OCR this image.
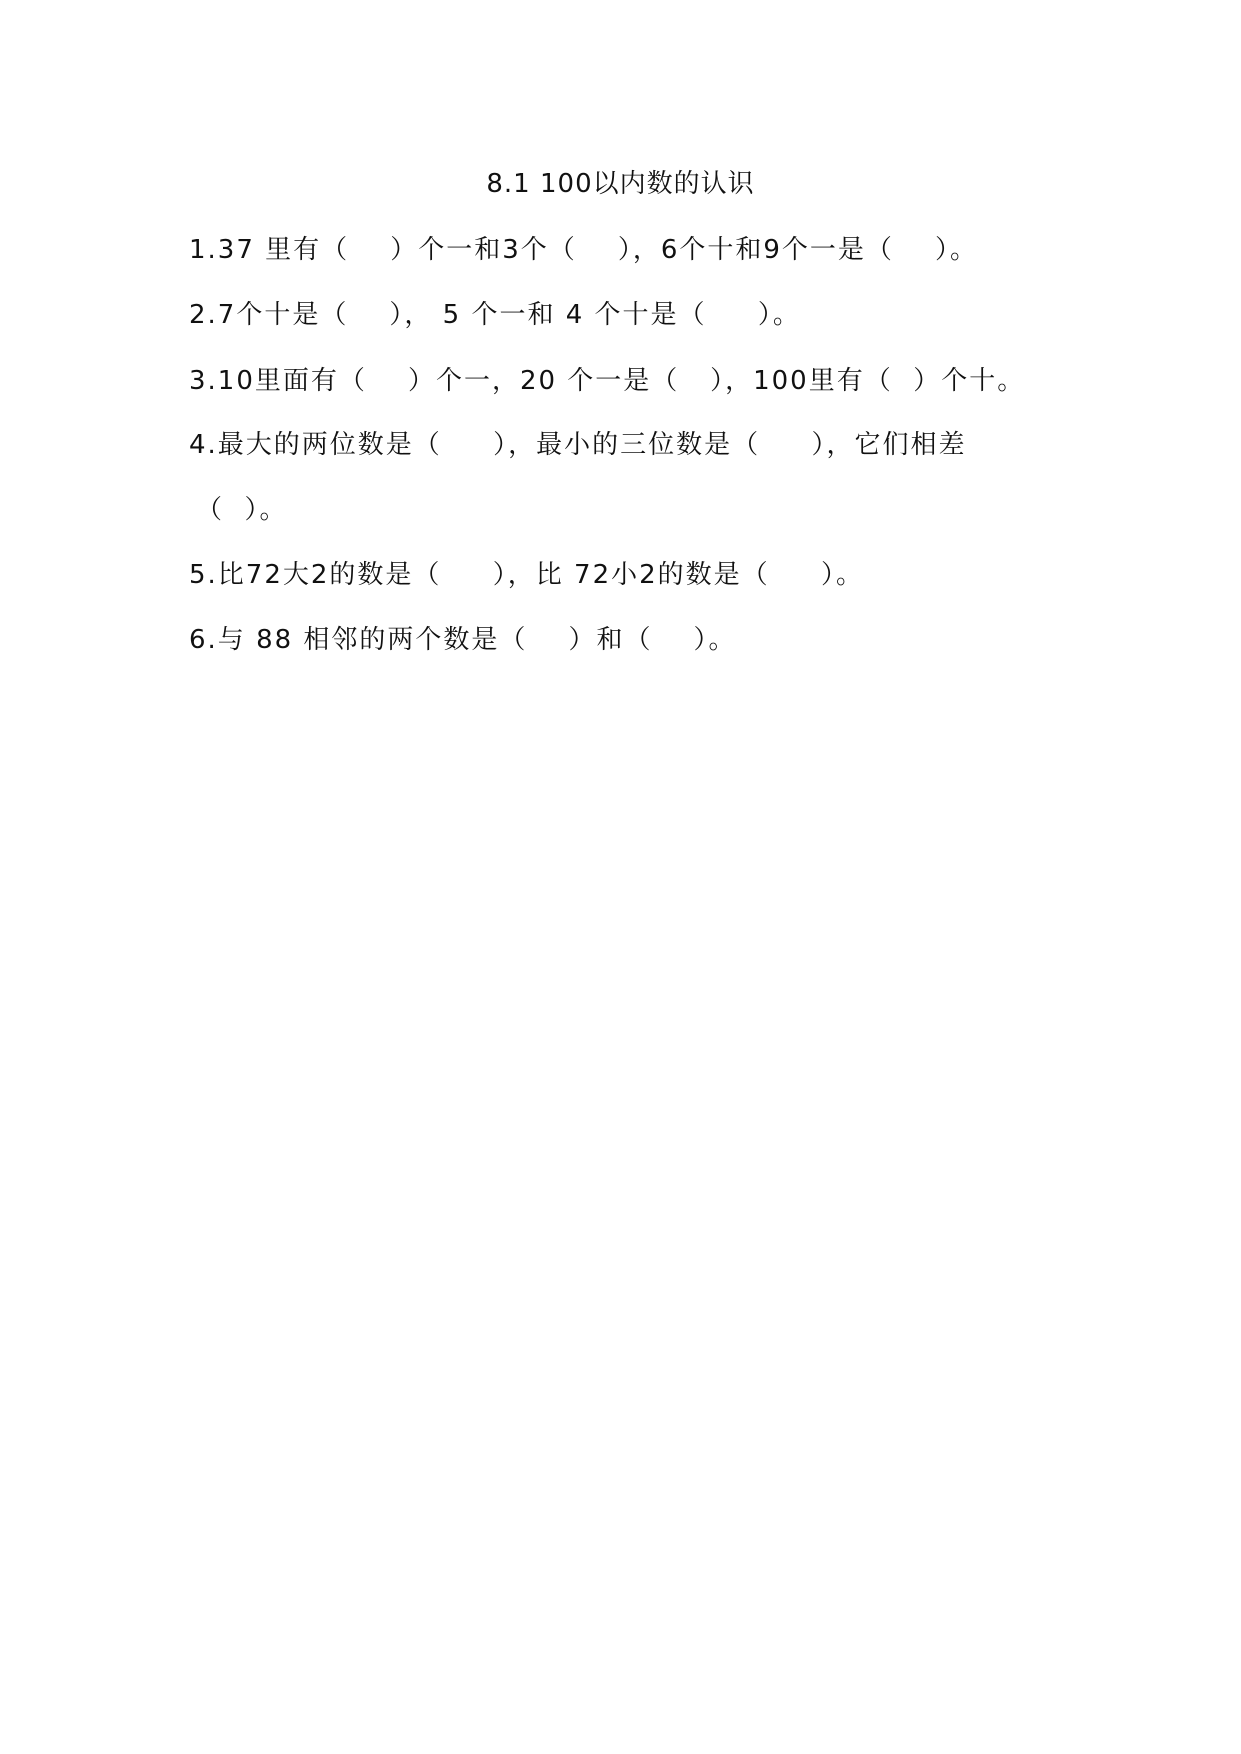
8.1 100以内数的认识
1.37 里有（    ）个一和3个（    ），6个十和9个一是（    ）。
2.7个十是（    ）， 5 个一和 4 个十是（     ）。
3.10里面有（    ）个一，20 个一是（   ），100里有（  ）个十。
4.最大的两位数是（     ），最小的三位数是（     ），它们相差
（  ）。
5.比72大2的数是（     ），比 72小2的数是（     ）。
6.与 88 相邻的两个数是（    ）和（    ）。
